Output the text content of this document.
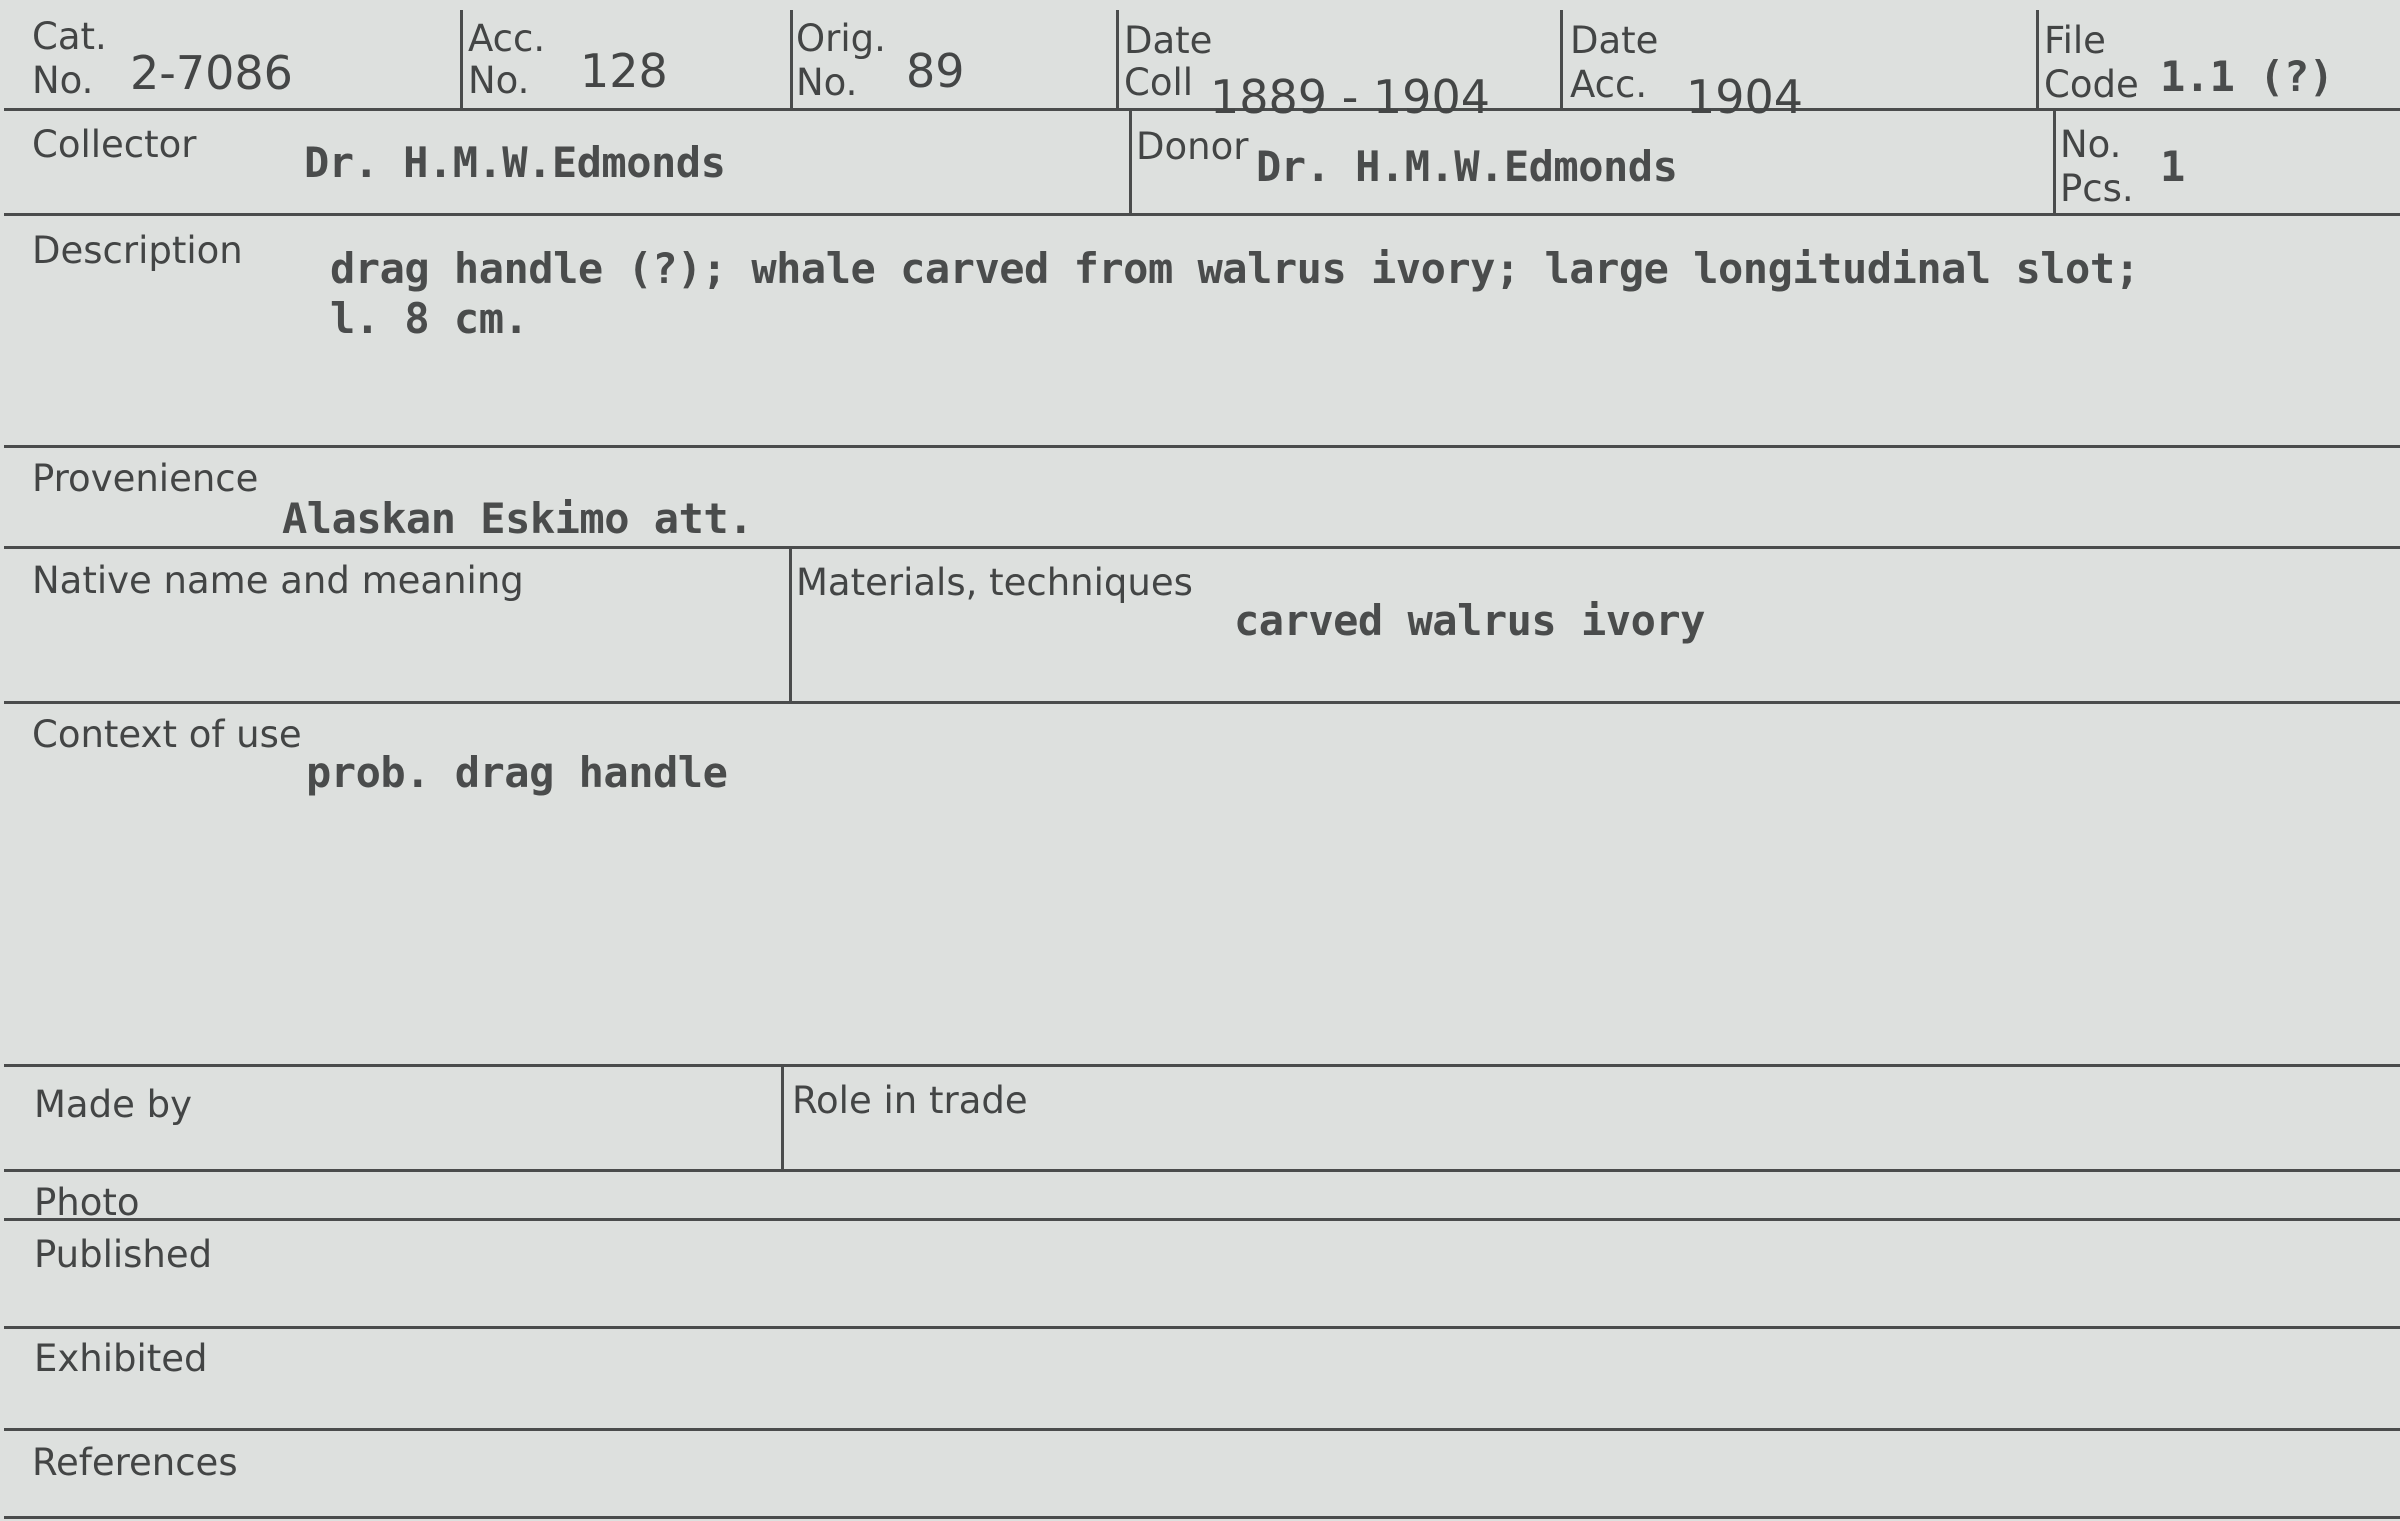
Cat.
No. 2-7086
Acc.
No. 128
Orig.
No. 89
Date
Coll 1889 - 1904
Date
Acc. 1904
File
Code 1.1 (?)
Collector	Dr. H.M.W.Edmonds	Donor Dr. H.M.W.Edmonds	No.
Pcs. 1
Description drag handle (?); whale carved from walrus ivory; large longitudinal slot;
l. 8 cm.
Provenience
Alaskan Eskimo att.
Native name and meaning	Materials, techniques
carved walrus ivory
Context of use
prob. drag handle
Made by	Role in trade
Photo
Published
Exhibited
References
